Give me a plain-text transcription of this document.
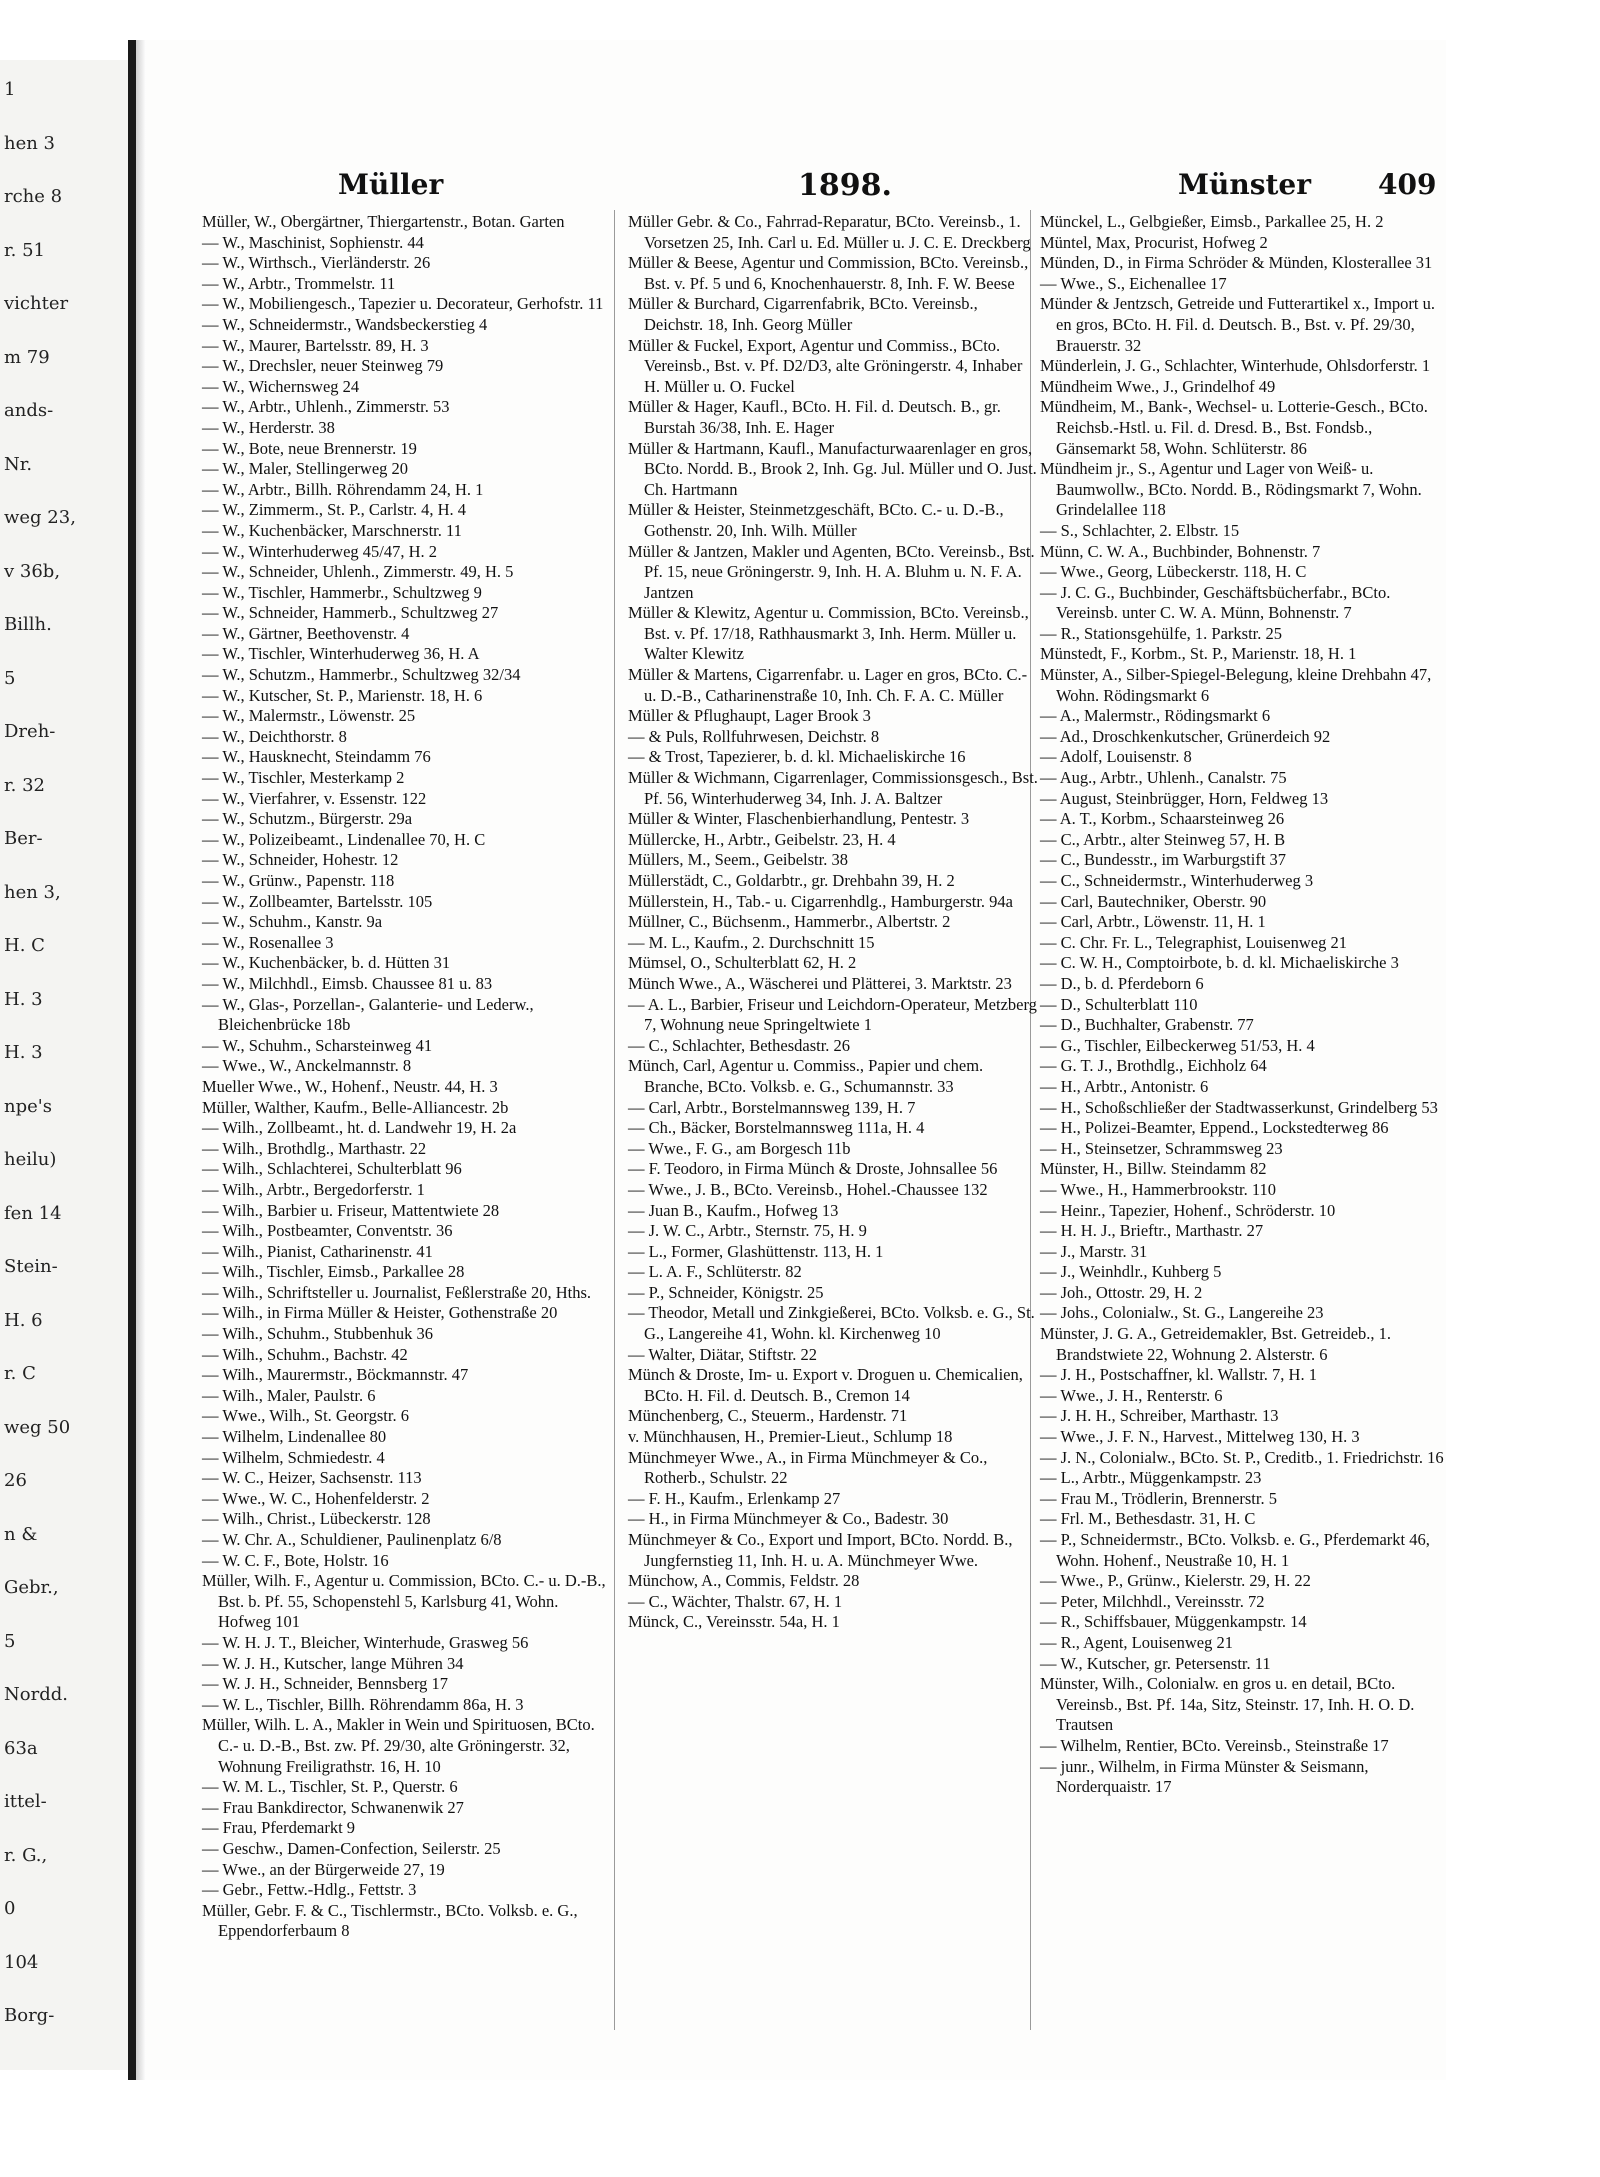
1
hen 3
rche 8
r. 51
vichter
m 79
ands-
Nr.
weg 23,
v 36b,
Billh.
5
Dreh-
r. 32
Ber-
hen 3,
H. C
H. 3
H. 3
npe's
heilu)
fen 14
Stein-
H. 6
r. C
weg 50
26
n &
Gebr.,
5
Nordd.
63a
ittel-
r. G.,
0
104
Borg-
Müller	1898.	Münster 409

Müller, W., Obergärtner, Thiergartenstr., Botan. Garten

— W., Maschinist, Sophienstr. 44

— W., Wirthsch., Vierländerstr. 26

— W., Arbtr., Trommelstr. 11

— W., Mobiliengesch., Tapezier u. Decorateur, Gerhofstr. 11

— W., Schneidermstr., Wandsbeckerstieg 4

— W., Maurer, Bartelsstr. 89, H. 3

— W., Drechsler, neuer Steinweg 79

— W., Wichernsweg 24

— W., Arbtr., Uhlenh., Zimmerstr. 53

— W., Herderstr. 38

— W., Bote, neue Brennerstr. 19

— W., Maler, Stellingerweg 20

— W., Arbtr., Billh. Röhrendamm 24, H. 1

— W., Zimmerm., St. P., Carlstr. 4, H. 4

— W., Kuchenbäcker, Marschnerstr. 11

— W., Winterhuderweg 45/47, H. 2

— W., Schneider, Uhlenh., Zimmerstr. 49, H. 5

— W., Tischler, Hammerbr., Schultzweg 9

— W., Schneider, Hammerb., Schultzweg 27

— W., Gärtner, Beethovenstr. 4

— W., Tischler, Winterhuderweg 36, H. A

— W., Schutzm., Hammerbr., Schultzweg 32/34

— W., Kutscher, St. P., Marienstr. 18, H. 6

— W., Malermstr., Löwenstr. 25

— W., Deichthorstr. 8

— W., Hausknecht, Steindamm 76

— W., Tischler, Mesterkamp 2

— W., Vierfahrer, v. Essenstr. 122

— W., Schutzm., Bürgerstr. 29a

— W., Polizeibeamt., Lindenallee 70, H. C

— W., Schneider, Hohestr. 12

— W., Grünw., Papenstr. 118

— W., Zollbeamter, Bartelsstr. 105

— W., Schuhm., Kanstr. 9a

— W., Rosenallee 3

— W., Kuchenbäcker, b. d. Hütten 31

— W., Milchhdl., Eimsb. Chaussee 81 u. 83

— W., Glas-, Porzellan-, Galanterie- und Lederw., Bleichenbrücke 18b

— W., Schuhm., Scharsteinweg 41

— Wwe., W., Anckelmannstr. 8

Mueller Wwe., W., Hohenf., Neustr. 44, H. 3

Müller, Walther, Kaufm., Belle-Alliancestr. 2b

— Wilh., Zollbeamt., ht. d. Landwehr 19, H. 2a

— Wilh., Brothdlg., Marthastr. 22

— Wilh., Schlachterei, Schulterblatt 96

— Wilh., Arbtr., Bergedorferstr. 1

— Wilh., Barbier u. Friseur, Mattentwiete 28

— Wilh., Postbeamter, Conventstr. 36

— Wilh., Pianist, Catharinenstr. 41

— Wilh., Tischler, Eimsb., Parkallee 28

— Wilh., Schriftsteller u. Journalist, Feßlerstraße 20, Hths.

— Wilh., in Firma Müller & Heister, Gothenstraße 20

— Wilh., Schuhm., Stubbenhuk 36

— Wilh., Schuhm., Bachstr. 42

— Wilh., Maurermstr., Böckmannstr. 47

— Wilh., Maler, Paulstr. 6

— Wwe., Wilh., St. Georgstr. 6

— Wilhelm, Lindenallee 80

— Wilhelm, Schmiedestr. 4

— W. C., Heizer, Sachsenstr. 113

— Wwe., W. C., Hohenfelderstr. 2

— Wilh., Christ., Lübeckerstr. 128

— W. Chr. A., Schuldiener, Paulinenplatz 6/8

— W. C. F., Bote, Holstr. 16

Müller, Wilh. F., Agentur u. Commission, BCto. C.- u. D.-B., Bst. b. Pf. 55, Schopenstehl 5, Karlsburg 41, Wohn. Hofweg 101

— W. H. J. T., Bleicher, Winterhude, Grasweg 56

— W. J. H., Kutscher, lange Mühren 34

— W. J. H., Schneider, Bennsberg 17

— W. L., Tischler, Billh. Röhrendamm 86a, H. 3

Müller, Wilh. L. A., Makler in Wein und Spirituosen, BCto. C.- u. D.-B., Bst. zw. Pf. 29/30, alte Gröningerstr. 32, Wohnung Freiligrathstr. 16, H. 10

— W. M. L., Tischler, St. P., Querstr. 6

— Frau Bankdirector, Schwanenwik 27

— Frau, Pferdemarkt 9

— Geschw., Damen-Confection, Seilerstr. 25

— Wwe., an der Bürgerweide 27, 19

— Gebr., Fettw.-Hdlg., Fettstr. 3

Müller, Gebr. F. & C., Tischlermstr., BCto. Volksb. e. G., Eppendorferbaum 8

Müller Gebr. & Co., Fahrrad-Reparatur, BCto. Vereinsb., 1. Vorsetzen 25, Inh. Carl u. Ed. Müller u. J. C. E. Dreckberg

Müller & Beese, Agentur und Commission, BCto. Vereinsb., Bst. v. Pf. 5 und 6, Knochenhauerstr. 8, Inh. F. W. Beese

Müller & Burchard, Cigarrenfabrik, BCto. Vereinsb., Deichstr. 18, Inh. Georg Müller

Müller & Fuckel, Export, Agentur und Commiss., BCto. Vereinsb., Bst. v. Pf. D2/D3, alte Gröningerstr. 4, Inhaber H. Müller u. O. Fuckel

Müller & Hager, Kaufl., BCto. H. Fil. d. Deutsch. B., gr. Burstah 36/38, Inh. E. Hager

Müller & Hartmann, Kaufl., Manufacturwaarenlager en gros, BCto. Nordd. B., Brook 2, Inh. Gg. Jul. Müller und O. Just. Ch. Hartmann

Müller & Heister, Steinmetzgeschäft, BCto. C.- u. D.-B., Gothenstr. 20, Inh. Wilh. Müller

Müller & Jantzen, Makler und Agenten, BCto. Vereinsb., Bst. Pf. 15, neue Gröningerstr. 9, Inh. H. A. Bluhm u. N. F. A. Jantzen

Müller & Klewitz, Agentur u. Commission, BCto. Vereinsb., Bst. v. Pf. 17/18, Rathhausmarkt 3, Inh. Herm. Müller u. Walter Klewitz

Müller & Martens, Cigarrenfabr. u. Lager en gros, BCto. C.- u. D.-B., Catharinenstraße 10, Inh. Ch. F. A. C. Müller

Müller & Pflughaupt, Lager Brook 3

— & Puls, Rollfuhrwesen, Deichstr. 8

— & Trost, Tapezierer, b. d. kl. Michaeliskirche 16

Müller & Wichmann, Cigarrenlager, Commissionsgesch., Bst. Pf. 56, Winterhuderweg 34, Inh. J. A. Baltzer

Müller & Winter, Flaschenbierhandlung, Pentestr. 3

Müllercke, H., Arbtr., Geibelstr. 23, H. 4

Müllers, M., Seem., Geibelstr. 38

Müllerstädt, C., Goldarbtr., gr. Drehbahn 39, H. 2

Müllerstein, H., Tab.- u. Cigarrenhdlg., Hamburgerstr. 94a

Müllner, C., Büchsenm., Hammerbr., Albertstr. 2

— M. L., Kaufm., 2. Durchschnitt 15

Mümsel, O., Schulterblatt 62, H. 2

Münch Wwe., A., Wäscherei und Plätterei, 3. Marktstr. 23

— A. L., Barbier, Friseur und Leichdorn-Operateur, Metzberg 7, Wohnung neue Springeltwiete 1

— C., Schlachter, Bethesdastr. 26

Münch, Carl, Agentur u. Commiss., Papier und chem. Branche, BCto. Volksb. e. G., Schumannstr. 33

— Carl, Arbtr., Borstelmannsweg 139, H. 7

— Ch., Bäcker, Borstelmannsweg 111a, H. 4

— Wwe., F. G., am Borgesch 11b

— F. Teodoro, in Firma Münch & Droste, Johnsallee 56

— Wwe., J. B., BCto. Vereinsb., Hohel.-Chaussee 132

— Juan B., Kaufm., Hofweg 13

— J. W. C., Arbtr., Sternstr. 75, H. 9

— L., Former, Glashüttenstr. 113, H. 1

— L. A. F., Schlüterstr. 82

— P., Schneider, Königstr. 25

— Theodor, Metall und Zinkgießerei, BCto. Volksb. e. G., St. G., Langereihe 41, Wohn. kl. Kirchenweg 10

— Walter, Diätar, Stiftstr. 22

Münch & Droste, Im- u. Export v. Droguen u. Chemicalien, BCto. H. Fil. d. Deutsch. B., Cremon 14

Münchenberg, C., Steuerm., Hardenstr. 71

v. Münchhausen, H., Premier-Lieut., Schlump 18

Münchmeyer Wwe., A., in Firma Münchmeyer & Co., Rotherb., Schulstr. 22

— F. H., Kaufm., Erlenkamp 27

— H., in Firma Münchmeyer & Co., Badestr. 30

Münchmeyer & Co., Export und Import, BCto. Nordd. B., Jungfernstieg 11, Inh. H. u. A. Münchmeyer Wwe.

Münchow, A., Commis, Feldstr. 28

— C., Wächter, Thalstr. 67, H. 1

Münck, C., Vereinsstr. 54a, H. 1

Münckel, L., Gelbgießer, Eimsb., Parkallee 25, H. 2

Müntel, Max, Procurist, Hofweg 2

Münden, D., in Firma Schröder & Münden, Klosterallee 31

— Wwe., S., Eichenallee 17

Münder & Jentzsch, Getreide und Futterartikel x., Import u. en gros, BCto. H. Fil. d. Deutsch. B., Bst. v. Pf. 29/30, Brauerstr. 32

Münderlein, J. G., Schlachter, Winterhude, Ohlsdorferstr. 1

Mündheim Wwe., J., Grindelhof 49

Mündheim, M., Bank-, Wechsel- u. Lotterie-Gesch., BCto. Reichsb.-Hstl. u. Fil. d. Dresd. B., Bst. Fondsb., Gänsemarkt 58, Wohn. Schlüterstr. 86

Mündheim jr., S., Agentur und Lager von Weiß- u. Baumwollw., BCto. Nordd. B., Rödingsmarkt 7, Wohn. Grindelallee 118

— S., Schlachter, 2. Elbstr. 15

Münn, C. W. A., Buchbinder, Bohnenstr. 7

— Wwe., Georg, Lübeckerstr. 118, H. C

— J. C. G., Buchbinder, Geschäftsbücherfabr., BCto. Vereinsb. unter C. W. A. Münn, Bohnenstr. 7

— R., Stationsgehülfe, 1. Parkstr. 25

Münstedt, F., Korbm., St. P., Marienstr. 18, H. 1

Münster, A., Silber-Spiegel-Belegung, kleine Drehbahn 47, Wohn. Rödingsmarkt 6

— A., Malermstr., Rödingsmarkt 6

— Ad., Droschkenkutscher, Grünerdeich 92

— Adolf, Louisenstr. 8

— Aug., Arbtr., Uhlenh., Canalstr. 75

— August, Steinbrügger, Horn, Feldweg 13

— A. T., Korbm., Schaarsteinweg 26

— C., Arbtr., alter Steinweg 57, H. B

— C., Bundesstr., im Warburgstift 37

— C., Schneidermstr., Winterhuderweg 3

— Carl, Bautechniker, Oberstr. 90

— Carl, Arbtr., Löwenstr. 11, H. 1

— C. Chr. Fr. L., Telegraphist, Louisenweg 21

— C. W. H., Comptoirbote, b. d. kl. Michaeliskirche 3

— D., b. d. Pferdeborn 6

— D., Schulterblatt 110

— D., Buchhalter, Grabenstr. 77

— G., Tischler, Eilbeckerweg 51/53, H. 4

— G. T. J., Brothdlg., Eichholz 64

— H., Arbtr., Antonistr. 6

— H., Schoßschließer der Stadtwasserkunst, Grindelberg 53

— H., Polizei-Beamter, Eppend., Lockstedterweg 86

— H., Steinsetzer, Schrammsweg 23

Münster, H., Billw. Steindamm 82

— Wwe., H., Hammerbrookstr. 110

— Heinr., Tapezier, Hohenf., Schröderstr. 10

— H. H. J., Brieftr., Marthastr. 27

— J., Marstr. 31

— J., Weinhdlr., Kuhberg 5

— Joh., Ottostr. 29, H. 2

— Johs., Colonialw., St. G., Langereihe 23

Münster, J. G. A., Getreidemakler, Bst. Getreideb., 1. Brandstwiete 22, Wohnung 2. Alsterstr. 6

— J. H., Postschaffner, kl. Wallstr. 7, H. 1

— Wwe., J. H., Renterstr. 6

— J. H. H., Schreiber, Marthastr. 13

— Wwe., J. F. N., Harvest., Mittelweg 130, H. 3

— J. N., Colonialw., BCto. St. P., Creditb., 1. Friedrichstr. 16

— L., Arbtr., Müggenkampstr. 23

— Frau M., Trödlerin, Brennerstr. 5

— Frl. M., Bethesdastr. 31, H. C

— P., Schneidermstr., BCto. Volksb. e. G., Pferdemarkt 46, Wohn. Hohenf., Neustraße 10, H. 1

— Wwe., P., Grünw., Kielerstr. 29, H. 22

— Peter, Milchhdl., Vereinsstr. 72

— R., Schiffsbauer, Müggenkampstr. 14

— R., Agent, Louisenweg 21

— W., Kutscher, gr. Petersenstr. 11

Münster, Wilh., Colonialw. en gros u. en detail, BCto. Vereinsb., Bst. Pf. 14a, Sitz, Steinstr. 17, Inh. H. O. D. Trautsen

— Wilhelm, Rentier, BCto. Vereinsb., Steinstraße 17

— junr., Wilhelm, in Firma Münster & Seismann, Norderquaistr. 17
